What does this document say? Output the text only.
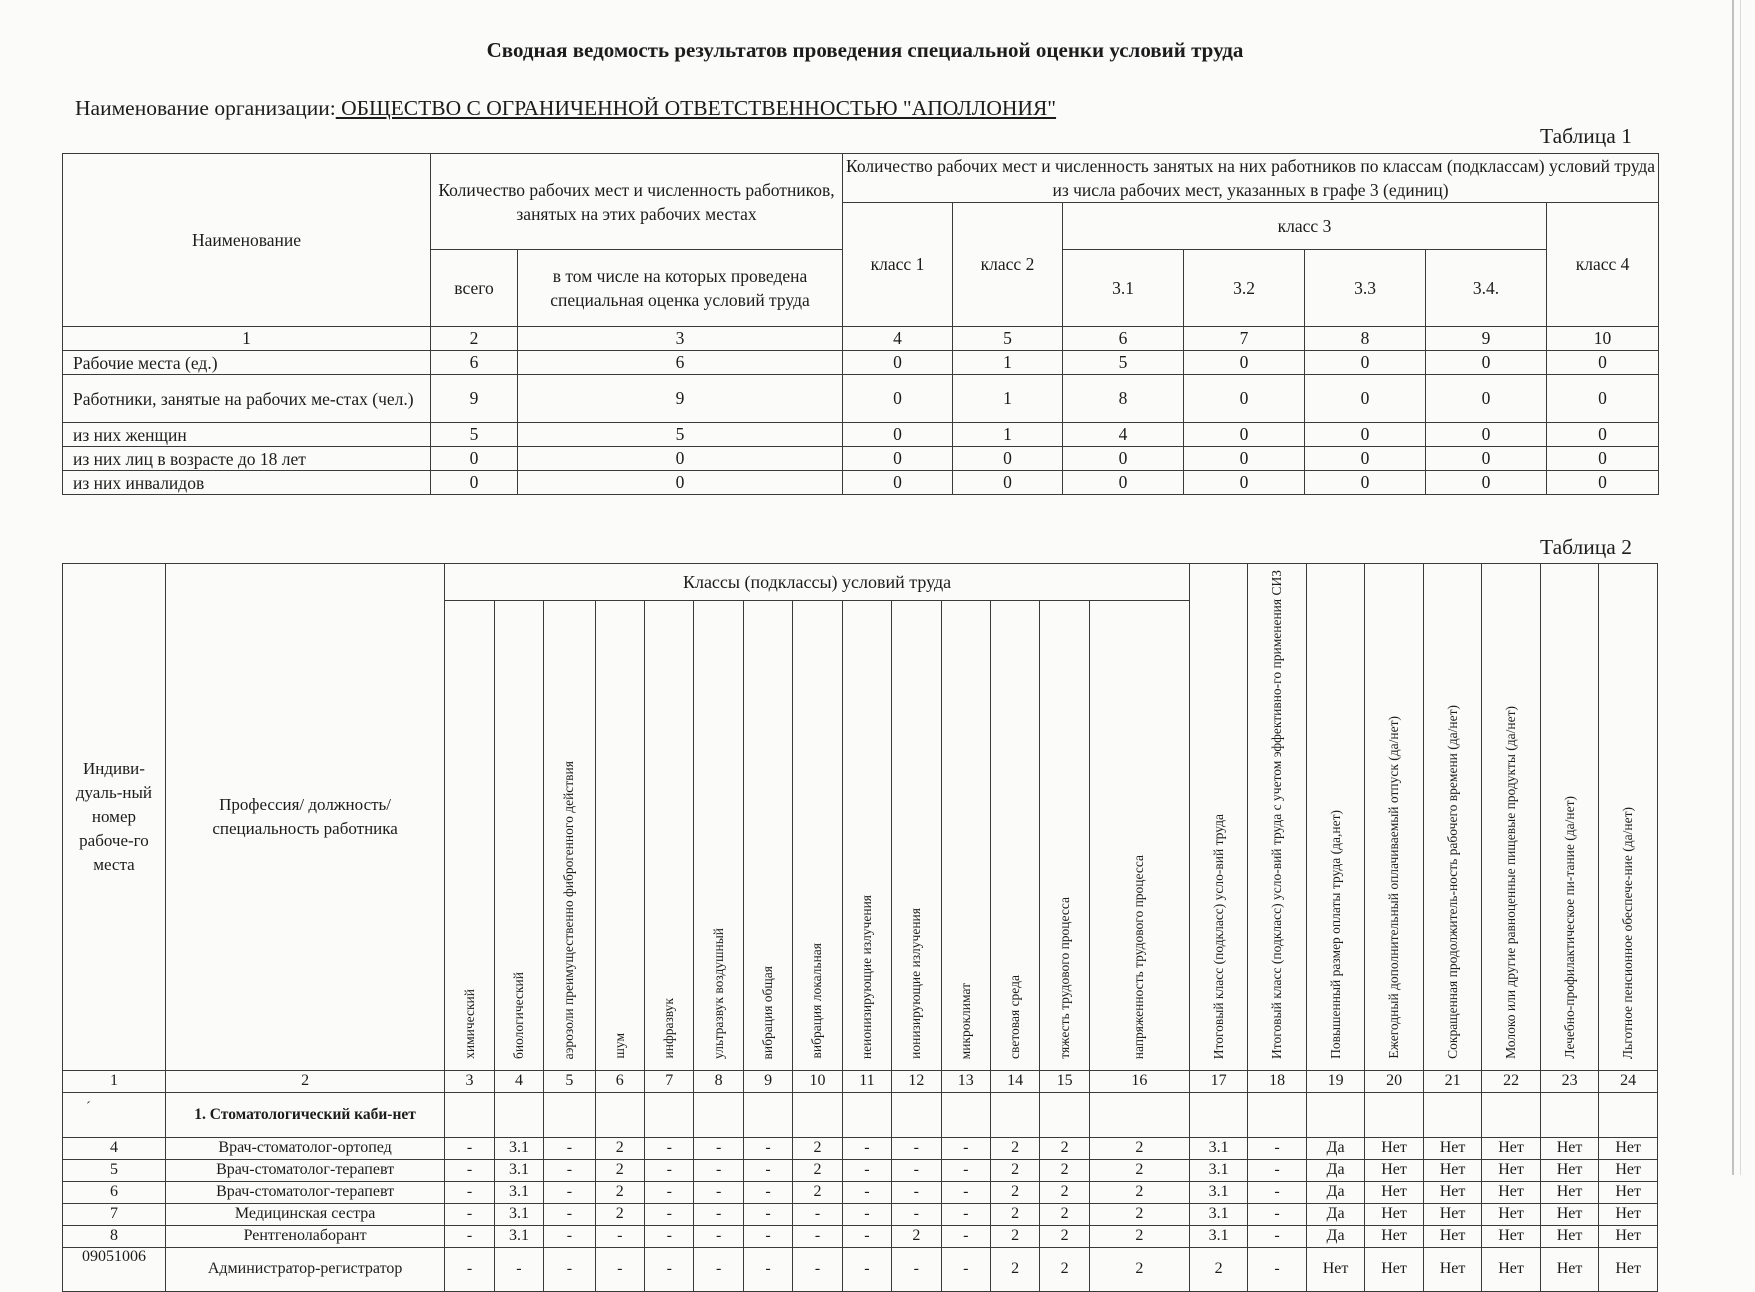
Сводная ведомость результатов проведения специальной оценки условий труда
Наименование организации: ОБЩЕСТВО С ОГРАНИЧЕННОЙ ОТВЕТСТВЕННОСТЬЮ "АПОЛЛОНИЯ"
Таблица 1
Наименование	Количество рабочих мест и численность работников, занятых на этих рабочих местах		Количество рабочих мест и численность занятых на них работников по классам (подклассам) условий труда из числа рабочих мест, указанных в графе 3 (единиц)						
			класс 1	класс 2	класс 3				класс 4
	всего	в том числе на которых проведена специальная оценка условий труда			3.1	3.2	3.3	3.4.	
1	2	3	4	5	6	7	8	9	10
Рабочие места (ед.)	6	6	0	1	5	0	0	0	0
Работники, занятые на рабочих ме-стах (чел.)	9	9	0	1	8	0	0	0	0
из них женщин	5	5	0	1	4	0	0	0	0
из них лиц в возрасте до 18 лет	0	0	0	0	0	0	0	0	0
из них инвалидов	0	0	0	0	0	0	0	0	0
Таблица 2
Индиви-дуаль-ный номер рабоче-го места	Профессия/ должность/ специальность работника	Классы (подклассы) условий труда														Итоговый класс (подкласс) усло-вий труда	Итоговый класс (подкласс) усло-вий труда с учетом эффективно-го применения СИЗ	Повышенный размер оплаты труда (да,нет)	Ежегодный дополнительный оплачиваемый отпуск (да/нет)	Сокращенная продолжитель-ность рабочего времени (да/нет)	Молоко или другие равноценные пищевые продукты (да/нет)	Лечебно-профилактическое пи-тание (да/нет)	Льготное пенсионное обеспече-ние (да/нет)
		химический	биологический	аэрозоли преимущественно фиброгенного действия	шум	инфразвук	ультразвук воздушный	вибрация общая	вибрация локальная	неионизирующие излучения	ионизирующие излучения	микроклимат	световая среда	тяжесть трудового процесса	напряженность трудового процесса								
1	2	3	4	5	6	7	8	9	10	11	12	13	14	15	16	17	18	19	20	21	22	23	24
	1. Стоматологический каби-нет																						
4	Врач-стоматолог-ортопед	-	3.1	-	2	-	-	-	2	-	-	-	2	2	2	3.1	-	Да	Нет	Нет	Нет	Нет	Нет
5	Врач-стоматолог-терапевт	-	3.1	-	2	-	-	-	2	-	-	-	2	2	2	3.1	-	Да	Нет	Нет	Нет	Нет	Нет
6	Врач-стоматолог-терапевт	-	3.1	-	2	-	-	-	2	-	-	-	2	2	2	3.1	-	Да	Нет	Нет	Нет	Нет	Нет
7	Медицинская сестра	-	3.1	-	2	-	-	-	-	-	-	-	2	2	2	3.1	-	Да	Нет	Нет	Нет	Нет	Нет
8	Рентгенолаборант	-	3.1	-	-	-	-	-	-	-	2	-	2	2	2	3.1	-	Да	Нет	Нет	Нет	Нет	Нет
09051006	Администратор-регистратор	-	-	-	-	-	-	-	-	-	-	-	2	2	2	2	-	Нет	Нет	Нет	Нет	Нет	Нет
´
